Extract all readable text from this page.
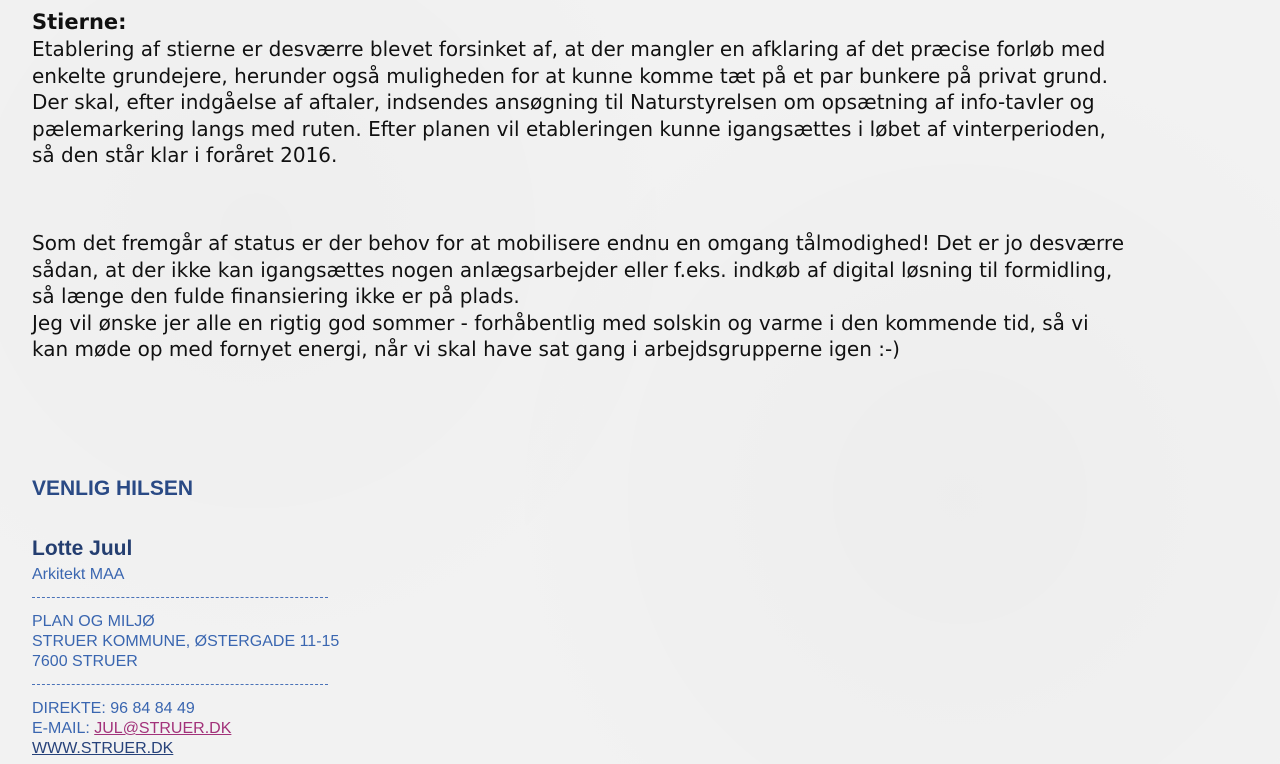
Stierne:

Etablering af stierne er desværre blevet forsinket af, at der mangler en afklaring af det præcise forløb med
enkelte grundejere, herunder også muligheden for at kunne komme tæt på et par bunkere på privat grund.
Der skal, efter indgåelse af aftaler, indsendes ansøgning til Naturstyrelsen om opsætning af info-tavler og
pælemarkering langs med ruten. Efter planen vil etableringen kunne igangsættes i løbet af vinterperioden,
så den står klar i foråret 2016.

Som det fremgår af status er der behov for at mobilisere endnu en omgang tålmodighed! Det er jo desværre
sådan, at der ikke kan igangsættes nogen anlægsarbejder eller f.eks. indkøb af digital løsning til formidling,
så længe den fulde finansiering ikke er på plads.
Jeg vil ønske jer alle en rigtig god sommer - forhåbentlig med solskin og varme i den kommende tid, så vi
kan møde op med fornyet energi, når vi skal have sat gang i arbejdsgrupperne igen :-)

VENLIG HILSEN
Lotte Juul
Arkitekt MAA
PLAN OG MILJØ
STRUER KOMMUNE, ØSTERGADE 11-15
7600 STRUER
DIREKTE: 96 84 84 49
E-MAIL: JUL@STRUER.DK
WWW.STRUER.DK
